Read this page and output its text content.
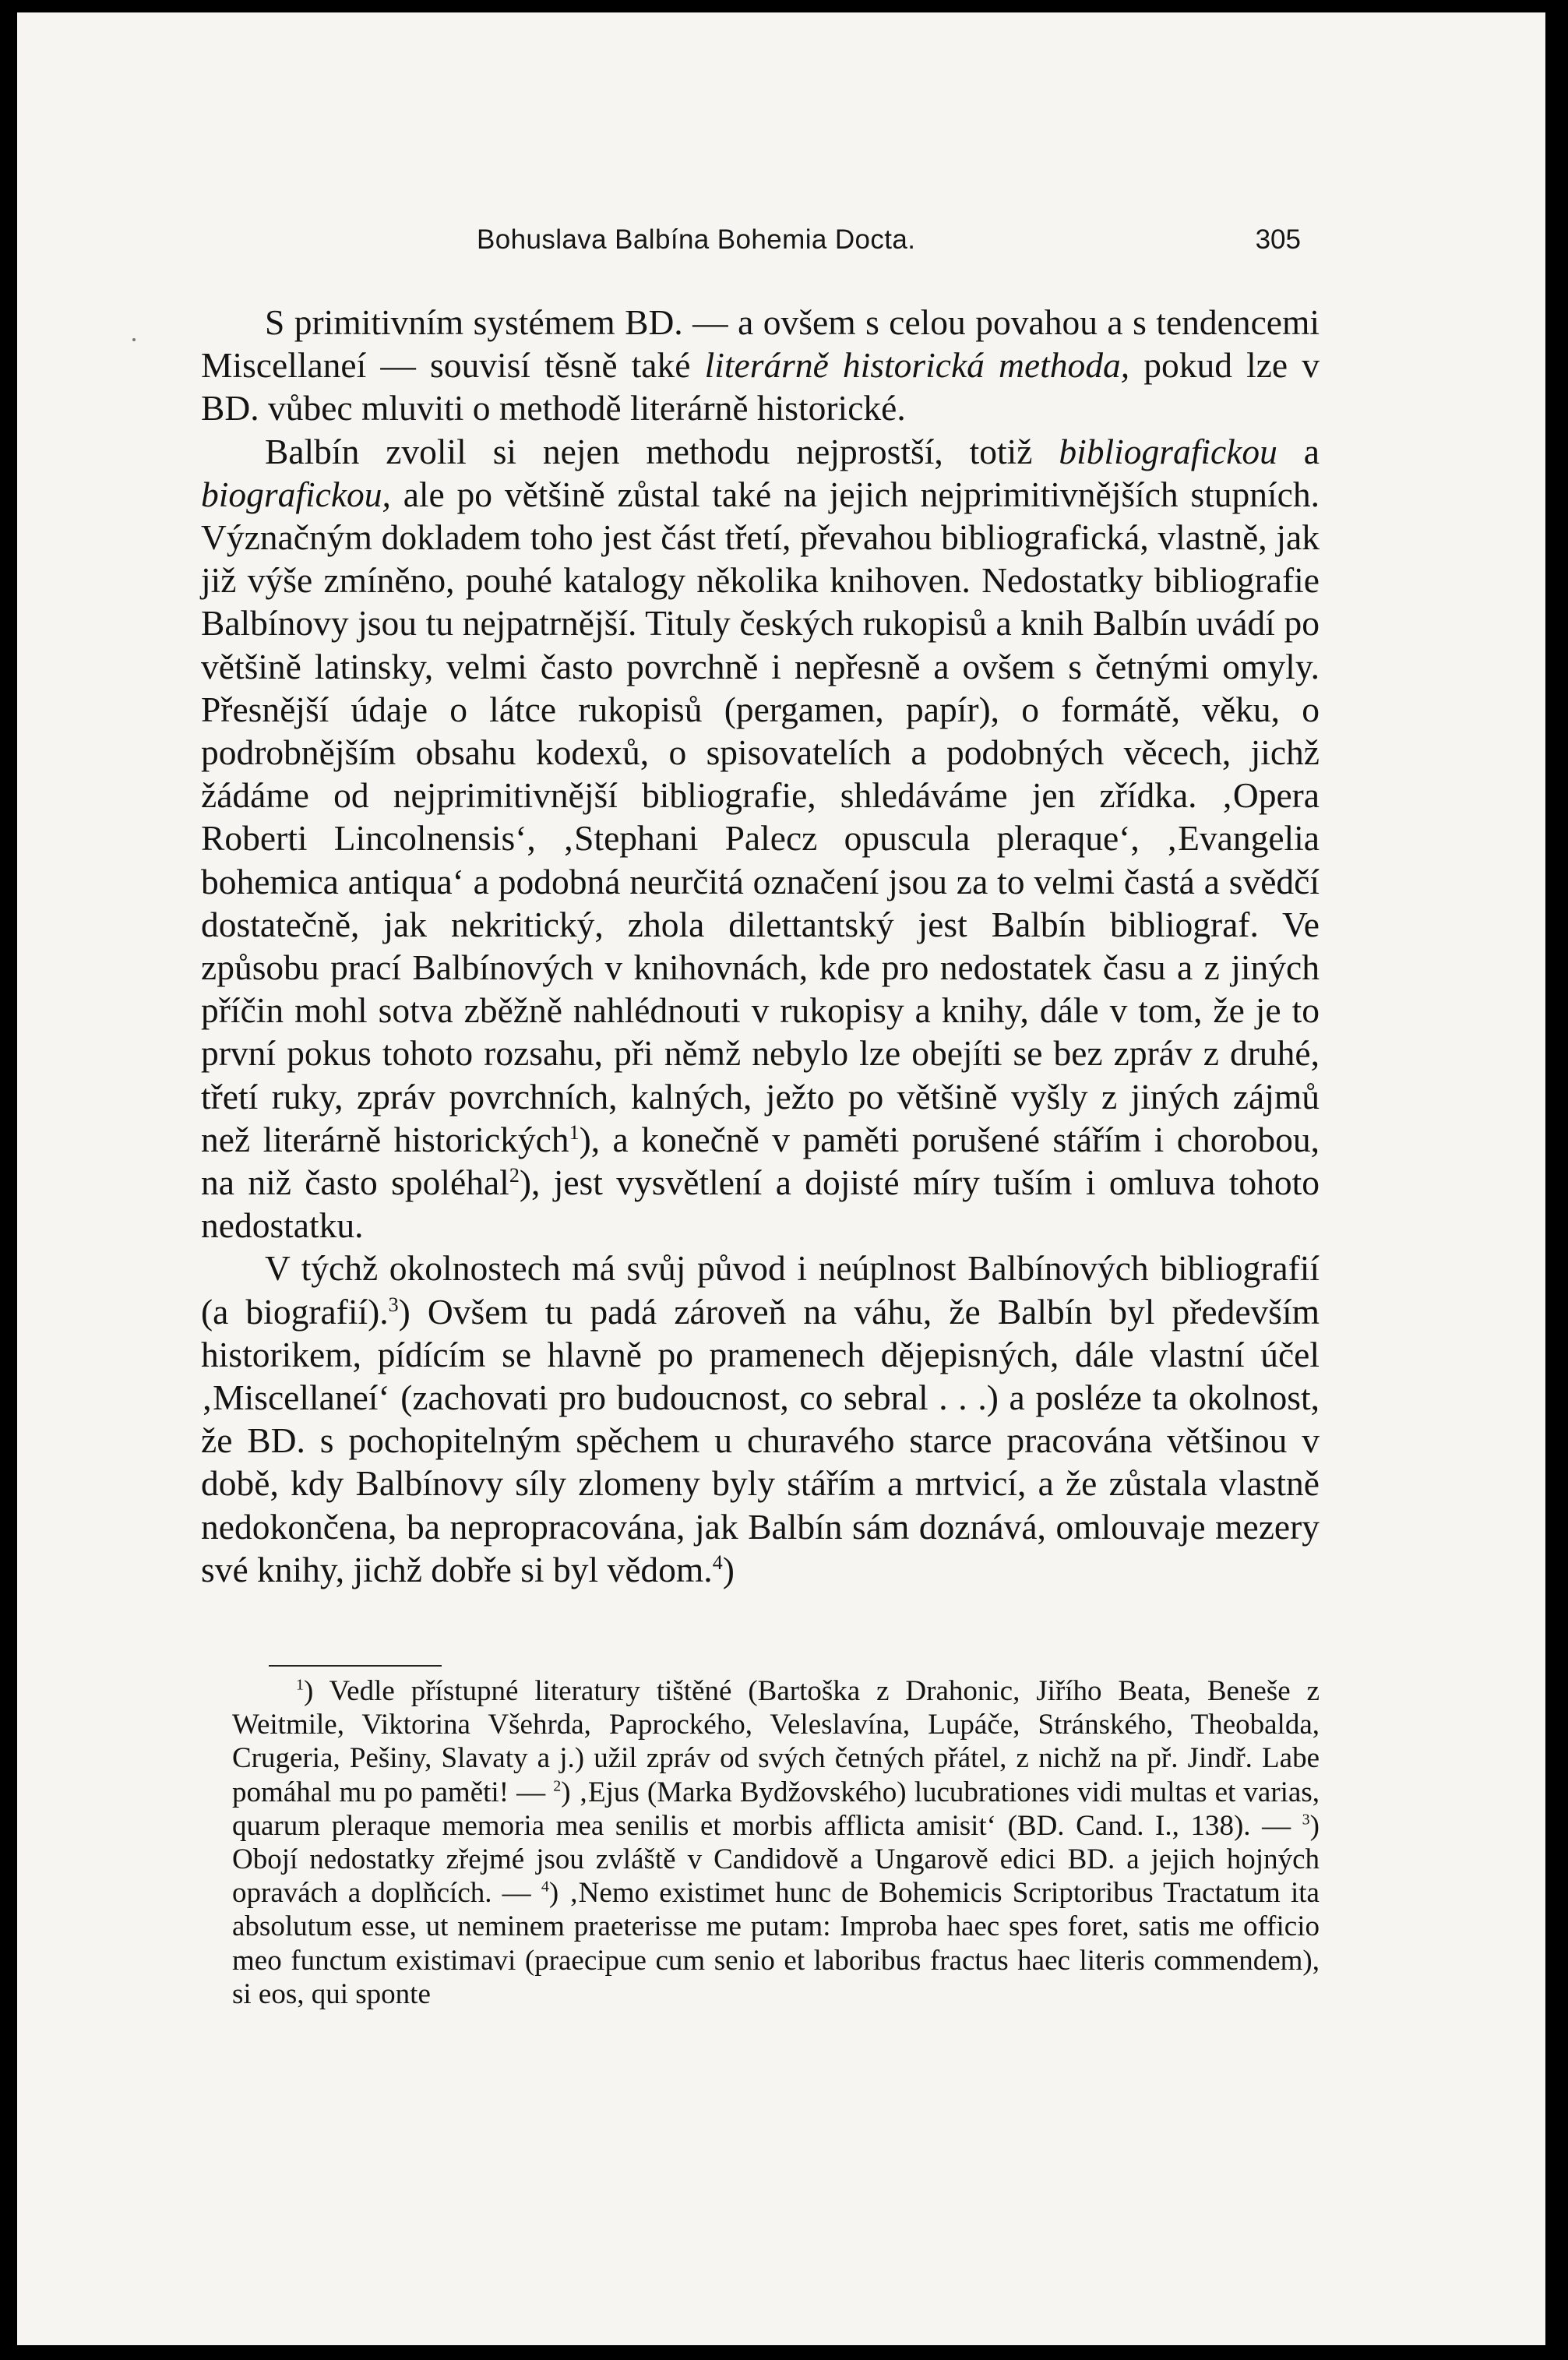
Bohuslava Balbína Bohemia Docta.	305

S primitivním systémem BD. — a ovšem s celou povahou a s tendencemi Miscellaneí — souvisí těsně také literárně historická methoda, pokud lze v BD. vůbec mluviti o methodě literárně historické.

Balbín zvolil si nejen methodu nejprostší, totiž bibliografickou a biografickou, ale po většině zůstal také na jejich nejprimitivnějších stupních. Význačným dokladem toho jest část třetí, převahou bibliografická, vlastně, jak již výše zmíněno, pouhé katalogy několika knihoven. Nedostatky bibliografie Balbínovy jsou tu nejpatrnější. Tituly českých rukopisů a knih Balbín uvádí po většině latinsky, velmi často povrchně i nepřesně a ovšem s četnými omyly. Přesnější údaje o látce rukopisů (pergamen, papír), o formátě, věku, o podrobnějším obsahu kodexů, o spisovatelích a podobných věcech, jichž žádáme od nejprimitivnější bibliografie, shledáváme jen zřídka. ‚Opera Roberti Lincolnensis‘, ‚Stephani Palecz opuscula pleraque‘, ‚Evangelia bohemica antiqua‘ a podobná neurčitá označení jsou za to velmi častá a svědčí dostatečně, jak nekritický, zhola dilettantský jest Balbín bibliograf. Ve způsobu prací Balbínových v knihovnách, kde pro nedostatek času a z jiných příčin mohl sotva zběžně nahlédnouti v rukopisy a knihy, dále v tom, že je to první pokus tohoto rozsahu, při němž nebylo lze obejíti se bez zpráv z druhé, třetí ruky, zpráv povrchních, kalných, ježto po většině vyšly z jiných zájmů než literárně historických$^1$), a konečně v paměti porušené stářím i chorobou, na niž často spoléhal$^2$), jest vysvětlení a dojisté míry tuším i omluva tohoto nedostatku.

V týchž okolnostech má svůj původ i neúplnost Balbínových bibliografií (a biografií).$^3$) Ovšem tu padá zároveň na váhu, že Balbín byl především historikem, pídícím se hlavně po pramenech dějepisných, dále vlastní účel ‚Miscellaneí‘ (zachovati pro budoucnost, co sebral . . .) a posléze ta okolnost, že BD. s pochopitelným spěchem u churavého starce pracována většinou v době, kdy Balbínovy síly zlomeny byly stářím a mrtvicí, a že zůstala vlastně nedokončena, ba nepropracována, jak Balbín sám doznává, omlouvaje mezery své knihy, jichž dobře si byl vědom.$^4$)

$^1$) Vedle přístupné literatury tištěné (Bartoška z Drahonic, Jiřího Beata, Beneše z Weitmile, Viktorina Všehrda, Paprockého, Veleslavína, Lupáče, Stránského, Theobalda, Crugeria, Pešiny, Slavaty a j.) užil zpráv od svých četných přátel, z nichž na př. Jindř. Labe pomáhal mu po paměti! — $^2$) ‚Ejus (Marka Bydžovského) lucubrationes vidi multas et varias, quarum pleraque memoria mea senilis et morbis afflicta amisit‘ (BD. Cand. I., 138). — $^3$) Obojí nedostatky zřejmé jsou zvláště v Candidově a Ungarově edici BD. a jejich hojných opravách a doplňcích. — $^4$) ‚Nemo existimet hunc de Bohemicis Scriptoribus Tractatum ita absolutum esse, ut neminem praeterisse me putam: Improba haec spes foret, satis me officio meo functum existimavi (praecipue cum senio et laboribus fractus haec literis commendem), si eos, qui sponte
